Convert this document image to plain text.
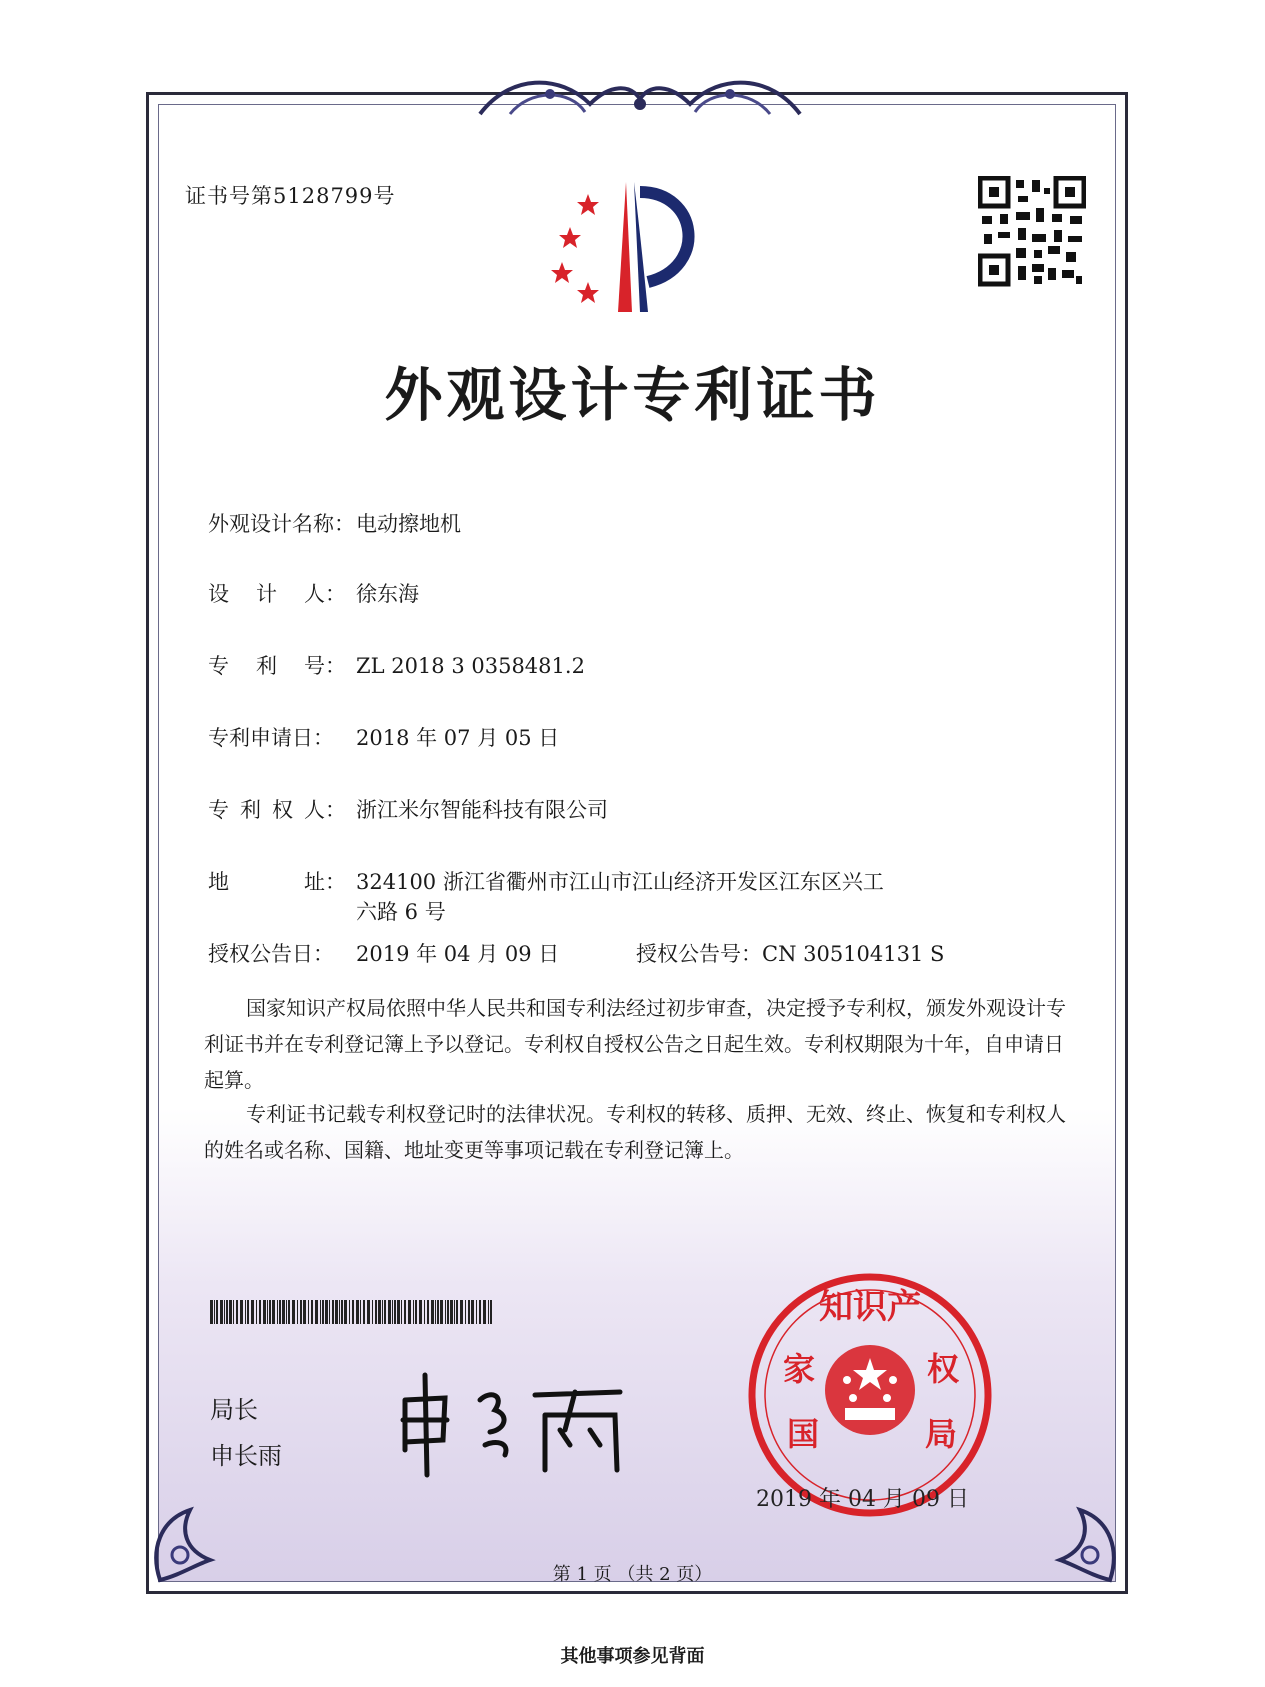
证书号第5128799号
外观设计专利证书
外观设计名称：电动擦地机
设 计 人： 徐东海
专 利 号： ZL 2018 3 0358481.2
专利申请日： 2018 年 07 月 05 日
专 利 权 人： 浙江米尔智能科技有限公司
地	址： 324100 浙江省衢州市江山市江山经济开发区江东区兴工
六路 6 号
授权公告日： 2019 年 04 月 09 日	授权公告号：CN 305104131 S
国家知识产权局依照中华人民共和国专利法经过初步审查，决定授予专利权，颁发外观设计专利证书并在专利登记簿上予以登记。专利权自授权公告之日起生效。专利权期限为十年，自申请日起算。
专利证书记载专利权登记时的法律状况。专利权的转移、质押、无效、终止、恢复和专利权人的姓名或名称、国籍、地址变更等事项记载在专利登记簿上。
局长
申长雨
知识产
家
国
权
局
2019 年 04 月 09 日
第 1 页 （共 2 页）
其他事项参见背面
